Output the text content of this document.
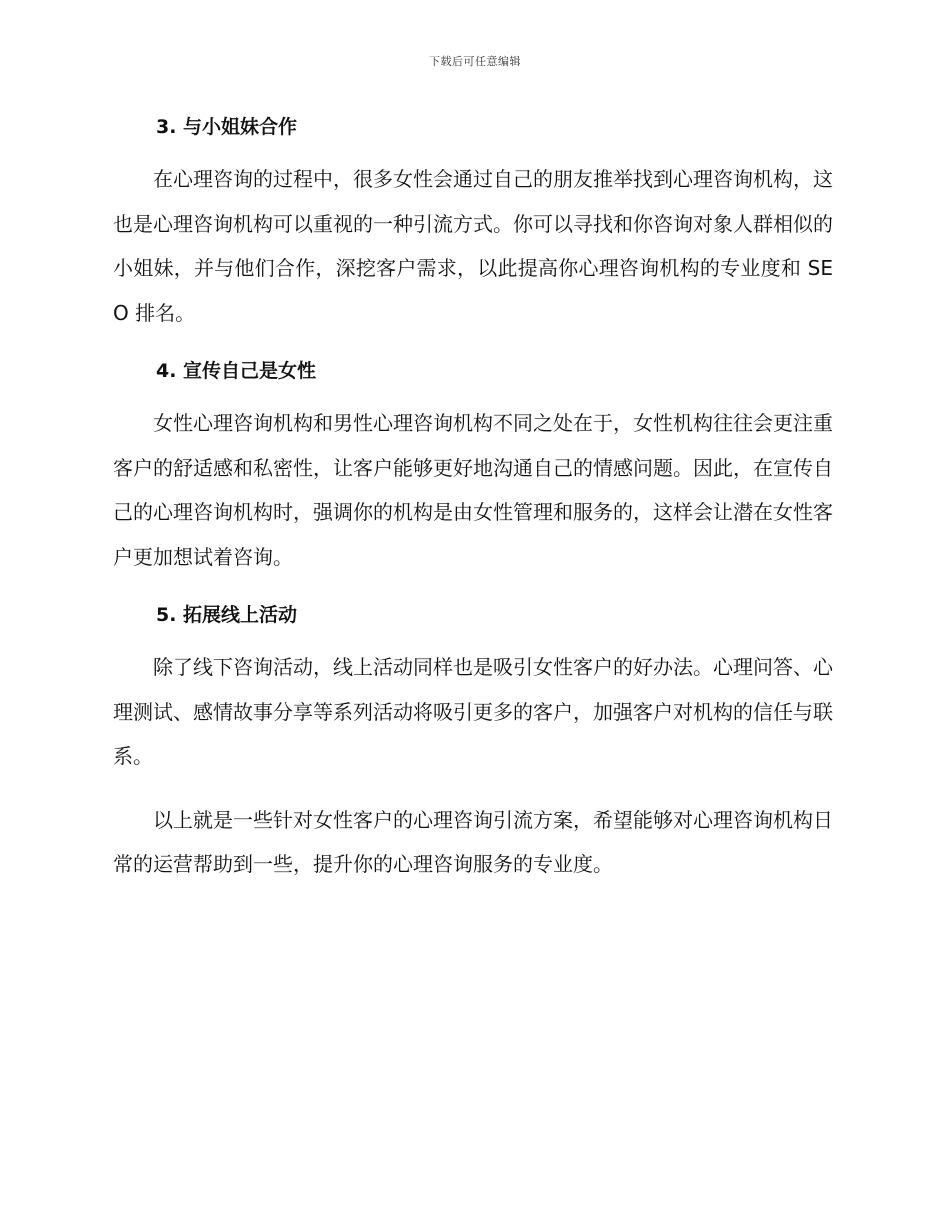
下载后可任意编辑
3. 与小姐妹合作

在心理咨询的过程中，很多女性会通过自己的朋友推举找到心理咨询机构，这也是心理咨询机构可以重视的一种引流方式。你可以寻找和你咨询对象人群相似的小姐妹，并与他们合作，深挖客户需求，以此提高你心理咨询机构的专业度和 SEO 排名。

4. 宣传自己是女性

女性心理咨询机构和男性心理咨询机构不同之处在于，女性机构往往会更注重客户的舒适感和私密性，让客户能够更好地沟通自己的情感问题。因此，在宣传自己的心理咨询机构时，强调你的机构是由女性管理和服务的，这样会让潜在女性客户更加想试着咨询。

5. 拓展线上活动

除了线下咨询活动，线上活动同样也是吸引女性客户的好办法。心理问答、心理测试、感情故事分享等系列活动将吸引更多的客户，加强客户对机构的信任与联系。

以上就是一些针对女性客户的心理咨询引流方案，希望能够对心理咨询机构日常的运营帮助到一些，提升你的心理咨询服务的专业度。
